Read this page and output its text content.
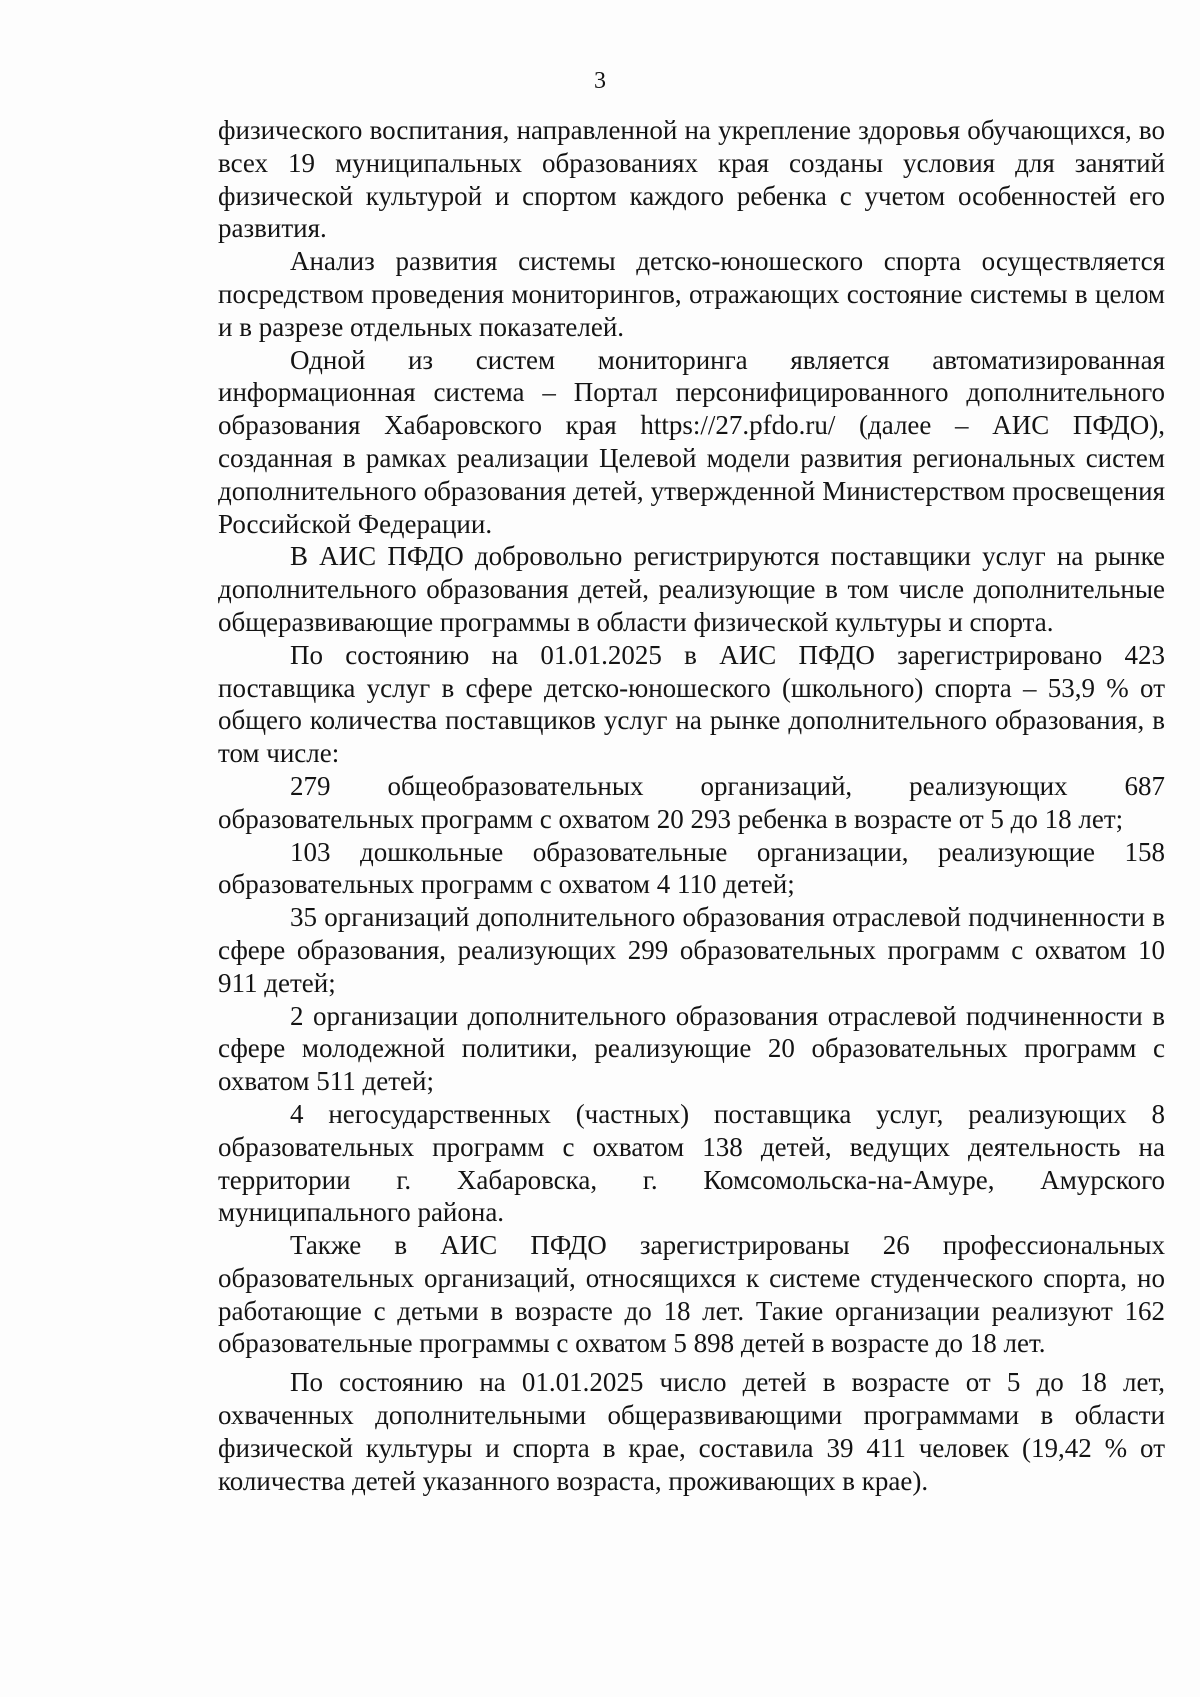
3

физического воспитания, направленной на укрепление здоровья обучающихся, во всех 19 муниципальных образованиях края созданы условия для занятий физической культурой и спортом каждого ребенка с учетом особенностей его развития.

Анализ развития системы детско-юношеского спорта осуществляется посредством проведения мониторингов, отражающих состояние системы в целом и в разрезе отдельных показателей.

Одной из систем мониторинга является автоматизированная информационная система – Портал персонифицированного дополнительного образования Хабаровского края https://27.pfdo.ru/ (далее – АИС ПФДО), созданная в рамках реализации Целевой модели развития региональных систем дополнительного образования детей, утвержденной Министерством просвещения Российской Федерации.

В АИС ПФДО добровольно регистрируются поставщики услуг на рынке дополнительного образования детей, реализующие в том числе дополнительные общеразвивающие программы в области физической культуры и спорта.

По состоянию на 01.01.2025 в АИС ПФДО зарегистрировано 423 поставщика услуг в сфере детско-юношеского (школьного) спорта – 53,9 % от общего количества поставщиков услуг на рынке дополнительного образования, в том числе:

279 общеобразовательных организаций, реализующих 687 образовательных программ с охватом 20 293 ребенка в возрасте от 5 до 18 лет;

103 дошкольные образовательные организации, реализующие 158 образовательных программ с охватом 4 110 детей;

35 организаций дополнительного образования отраслевой подчиненности в сфере образования, реализующих 299 образовательных программ с охватом 10 911 детей;

2 организации дополнительного образования отраслевой подчиненности в сфере молодежной политики, реализующие 20 образовательных программ с охватом 511 детей;

4 негосударственных (частных) поставщика услуг, реализующих 8 образовательных программ с охватом 138 детей, ведущих деятельность на территории г. Хабаровска, г. Комсомольска-на-Амуре, Амурского муниципального района.

Также в АИС ПФДО зарегистрированы 26 профессиональных образовательных организаций, относящихся к системе студенческого спорта, но работающие с детьми в возрасте до 18 лет. Такие организации реализуют 162 образовательные программы с охватом 5 898 детей в возрасте до 18 лет.

По состоянию на 01.01.2025 число детей в возрасте от 5 до 18 лет, охваченных дополнительными общеразвивающими программами в области физической культуры и спорта в крае, составила 39 411 человек (19,42 % от количества детей указанного возраста, проживающих в крае).
